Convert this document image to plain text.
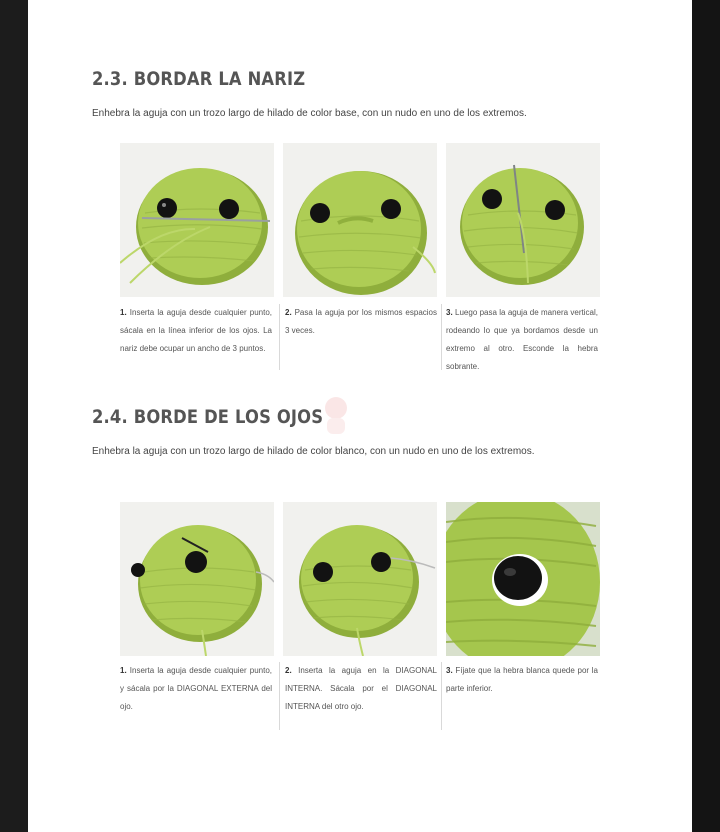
2.3. BORDAR LA NARIZ
Enhebra la aguja con un trozo largo de hilado de color base, con un nudo en uno de los extremos.
1. Inserta la aguja desde cualquier punto, sácala en la línea inferior de los ojos. La nariz debe ocupar un ancho de 3 puntos.
2. Pasa la aguja por los mismos espacios 3 veces.
3. Luego pasa la aguja de manera vertical, rodeando lo que ya bordamos desde un extremo al otro. Esconde la hebra sobrante.
2.4. BORDE DE LOS OJOS
Enhebra la aguja con un trozo largo de hilado de color blanco, con un nudo en uno de los extremos.
1. Inserta la aguja desde cualquier punto, y sácala por la DIAGONAL EXTERNA del ojo.
2. Inserta la aguja en la DIAGONAL INTERNA. Sácala por el DIAGONAL INTERNA del otro ojo.
3. Fíjate que la hebra blanca quede por la parte inferior.
